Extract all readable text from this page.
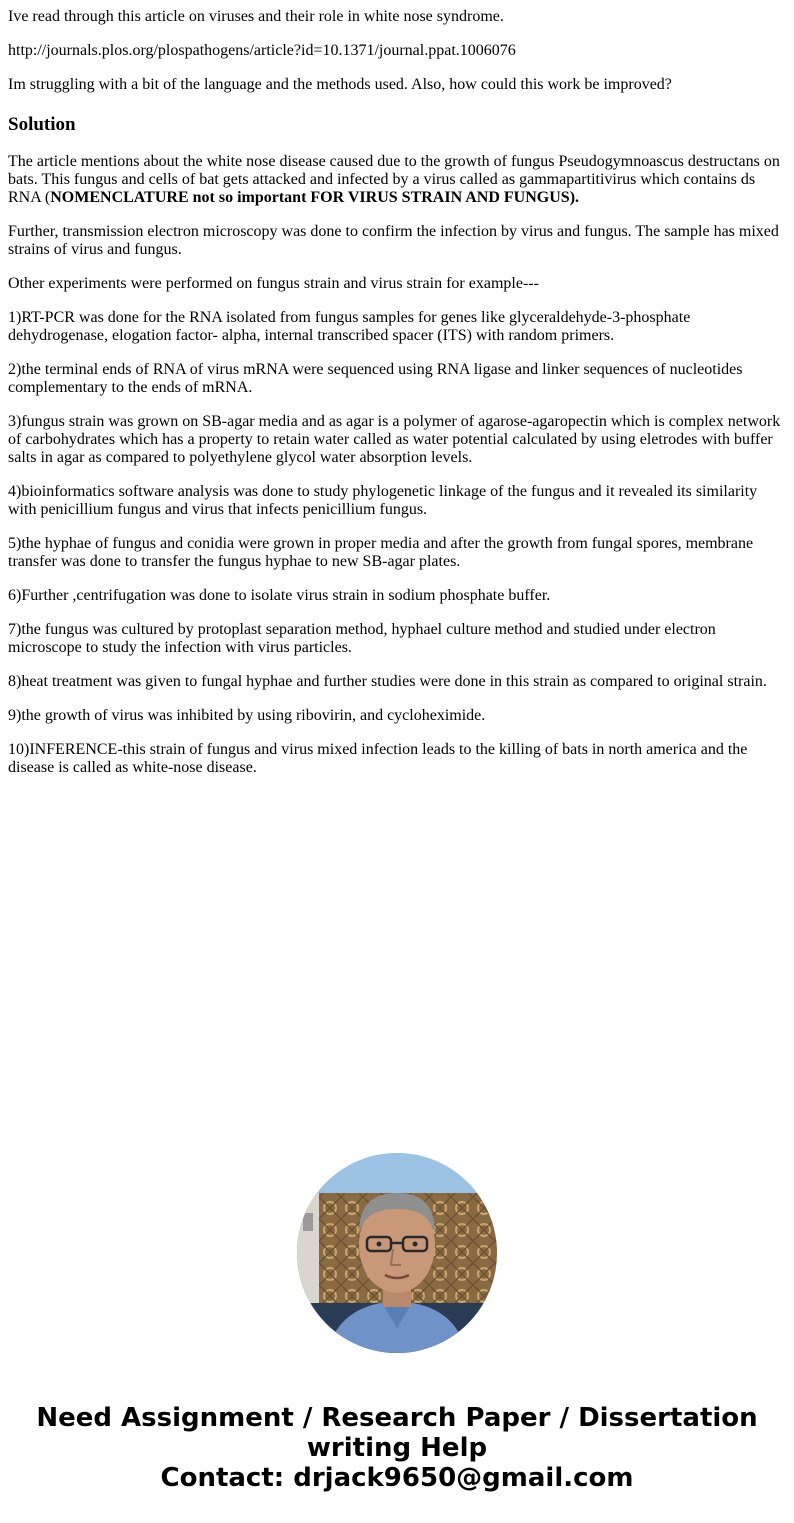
Ive read through this article on viruses and their role in white nose syndrome.

http://journals.plos.org/plospathogens/article?id=10.1371/journal.ppat.1006076

Im struggling with a bit of the language and the methods used. Also, how could this work be improved?

Solution

The article mentions about the white nose disease caused due to the growth of fungus Pseudogymnoascus destructans on bats. This fungus and cells of bat gets attacked and infected by a virus called as gammapartitivirus which contains ds RNA (NOMENCLATURE not so important FOR VIRUS STRAIN AND FUNGUS).

Further, transmission electron microscopy was done to confirm the infection by virus and fungus. The sample has mixed strains of virus and fungus.

Other experiments were performed on fungus strain and virus strain for example---

1)RT-PCR was done for the RNA isolated from fungus samples for genes like glyceraldehyde-3-phosphate dehydrogenase, elogation factor- alpha, internal transcribed spacer (ITS) with random primers.

2)the terminal ends of RNA of virus mRNA were sequenced using RNA ligase and linker sequences of nucleotides complementary to the ends of mRNA.

3)fungus strain was grown on SB-agar media and as agar is a polymer of agarose-agaropectin which is complex network of carbohydrates which has a property to retain water called as water potential calculated by using eletrodes with buffer salts in agar as compared to polyethylene glycol water absorption levels.

4)bioinformatics software analysis was done to study phylogenetic linkage of the fungus and it revealed its similarity with penicillium fungus and virus that infects penicillium fungus.

5)the hyphae of fungus and conidia were grown in proper media and after the growth from fungal spores, membrane transfer was done to transfer the fungus hyphae to new SB-agar plates.

6)Further ,centrifugation was done to isolate virus strain in sodium phosphate buffer.

7)the fungus was cultured by protoplast separation method, hyphael culture method and studied under electron microscope to study the infection with virus particles.

8)heat treatment was given to fungal hyphae and further studies were done in this strain as compared to original strain.

9)the growth of virus was inhibited by using ribovirin, and cycloheximide.

10)INFERENCE-this strain of fungus and virus mixed infection leads to the killing of bats in north america and the disease is called as white-nose disease.

Need Assignment / Research Paper / Dissertation
writing Help
Contact: drjack9650@gmail.com
